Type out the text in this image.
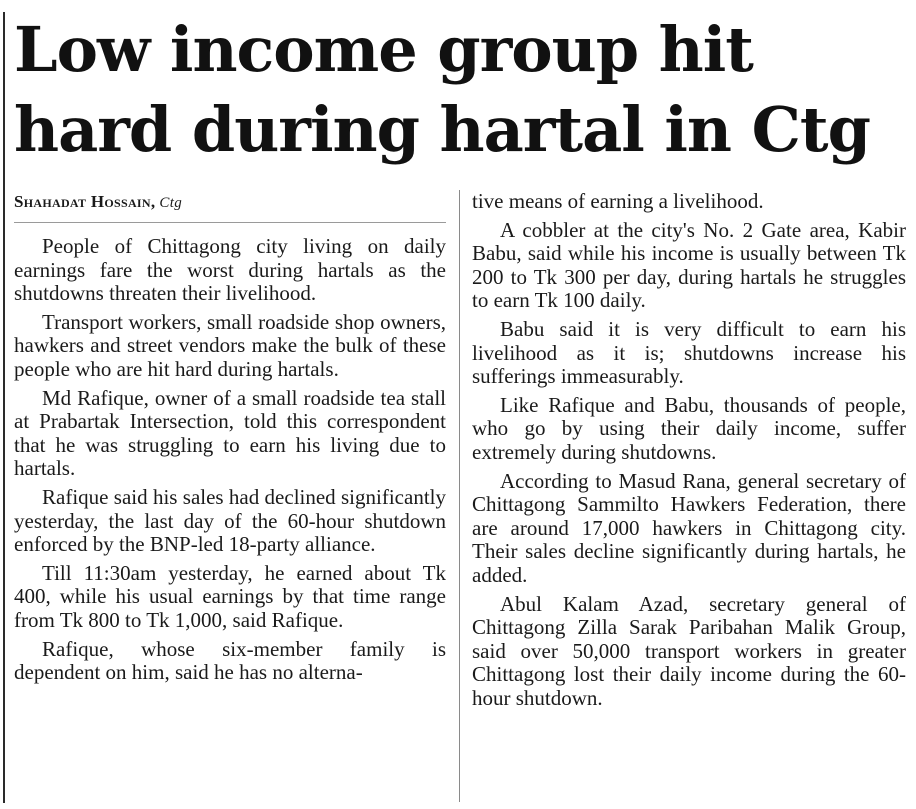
Low income group hit hard during hartal in Ctg
Shahadat Hossain, Ctg

People of Chittagong city living on daily earnings fare the worst during hartals as the shutdowns threaten their livelihood.

Transport workers, small roadside shop owners, hawkers and street vendors make the bulk of these people who are hit hard during hartals.

Md Rafique, owner of a small roadside tea stall at Prabartak Intersection, told this correspondent that he was struggling to earn his living due to hartals.

Rafique said his sales had declined significantly yesterday, the last day of the 60-hour shutdown enforced by the BNP-led 18-party alliance.

Till 11:30am yesterday, he earned about Tk 400, while his usual earnings by that time range from Tk 800 to Tk 1,000, said Rafique.

Rafique, whose six-member family is dependent on him, said he has no alterna-

tive means of earning a livelihood.

A cobbler at the city's No. 2 Gate area, Kabir Babu, said while his income is usually between Tk 200 to Tk 300 per day, during hartals he struggles to earn Tk 100 daily.

Babu said it is very difficult to earn his livelihood as it is; shutdowns increase his sufferings immeasurably.

Like Rafique and Babu, thousands of people, who go by using their daily income, suffer extremely during shutdowns.

According to Masud Rana, general secretary of Chittagong Sammilto Hawkers Federation, there are around 17,000 hawkers in Chittagong city. Their sales decline significantly during hartals, he added.

Abul Kalam Azad, secretary general of Chittagong Zilla Sarak Paribahan Malik Group, said over 50,000 transport workers in greater Chittagong lost their daily income during the 60-hour shutdown.
